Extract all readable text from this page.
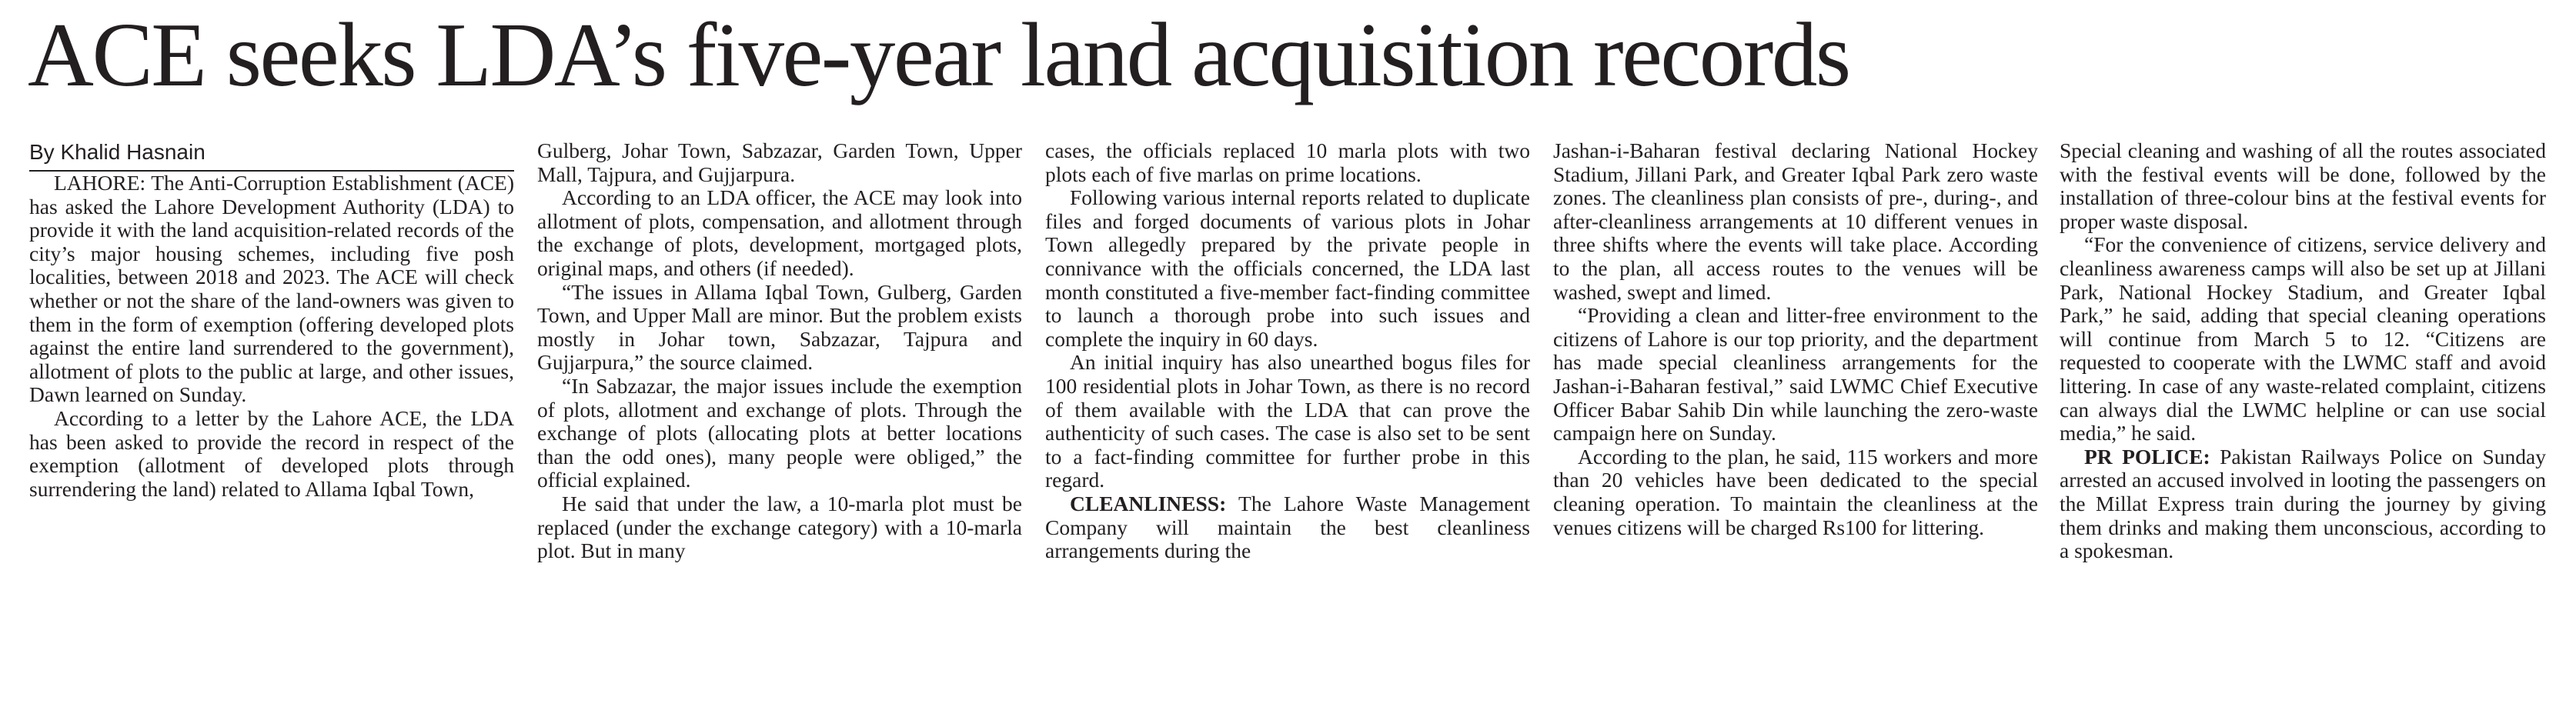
ACE seeks LDA’s five-year land acquisition records

By Khalid Hasnain

LAHORE: The Anti-Corruption Establishment (ACE) has asked the Lahore Development Authority (LDA) to provide it with the land acquisition-related records of the city’s major housing schemes, including five posh localities, between 2018 and 2023. The ACE will check whether or not the share of the land-owners was given to them in the form of exemption (offering developed plots against the entire land surrendered to the government), allotment of plots to the public at large, and other issues, Dawn learned on Sunday.

According to a letter by the Lahore ACE, the LDA has been asked to provide the record in respect of the exemption (allotment of developed plots through surrendering the land) related to Allama Iqbal Town,

Gulberg, Johar Town, Sabzazar, Garden Town, Upper Mall, Tajpura, and Gujjarpura.

According to an LDA officer, the ACE may look into allotment of plots, compensation, and allotment through the exchange of plots, development, mortgaged plots, original maps, and others (if needed).

“The issues in Allama Iqbal Town, Gulberg, Garden Town, and Upper Mall are minor. But the problem exists mostly in Johar town, Sabzazar, Tajpura and Gujjarpura,” the source claimed.

“In Sabzazar, the major issues include the exemption of plots, allotment and exchange of plots. Through the exchange of plots (allocating plots at better locations than the odd ones), many people were obliged,” the official explained.

He said that under the law, a 10-marla plot must be replaced (under the exchange category) with a 10-marla plot. But in many

cases, the officials replaced 10 marla plots with two plots each of five marlas on prime locations.

Following various internal reports related to duplicate files and forged documents of various plots in Johar Town allegedly prepared by the private people in connivance with the officials concerned, the LDA last month constituted a five-member fact-finding committee to launch a thorough probe into such issues and complete the inquiry in 60 days.

An initial inquiry has also unearthed bogus files for 100 residential plots in Johar Town, as there is no record of them available with the LDA that can prove the authenticity of such cases. The case is also set to be sent to a fact-finding committee for further probe in this regard.

CLEANLINESS: The Lahore Waste Management Company will maintain the best cleanliness arrangements during the

Jashan-i-Baharan festival declaring National Hockey Stadium, Jillani Park, and Greater Iqbal Park zero waste zones. The cleanliness plan consists of pre-, during-, and after-cleanliness arrangements at 10 different venues in three shifts where the events will take place. According to the plan, all access routes to the venues will be washed, swept and limed.

“Providing a clean and litter-free environment to the citizens of Lahore is our top priority, and the department has made special cleanliness arrangements for the Jashan-i-Baharan festival,” said LWMC Chief Executive Officer Babar Sahib Din while launching the zero-waste campaign here on Sunday.

According to the plan, he said, 115 workers and more than 20 vehicles have been dedicated to the special cleaning operation. To maintain the cleanliness at the venues citizens will be charged Rs100 for littering.

Special cleaning and washing of all the routes associated with the festival events will be done, followed by the installation of three-colour bins at the festival events for proper waste disposal.

“For the convenience of citizens, service delivery and cleanliness awareness camps will also be set up at Jillani Park, National Hockey Stadium, and Greater Iqbal Park,” he said, adding that special cleaning operations will continue from March 5 to 12. “Citizens are requested to cooperate with the LWMC staff and avoid littering. In case of any waste-related complaint, citizens can always dial the LWMC helpline or can use social media,” he said.

PR POLICE: Pakistan Railways Police on Sunday arrested an accused involved in looting the passengers on the Millat Express train during the journey by giving them drinks and making them unconscious, according to a spokesman.
